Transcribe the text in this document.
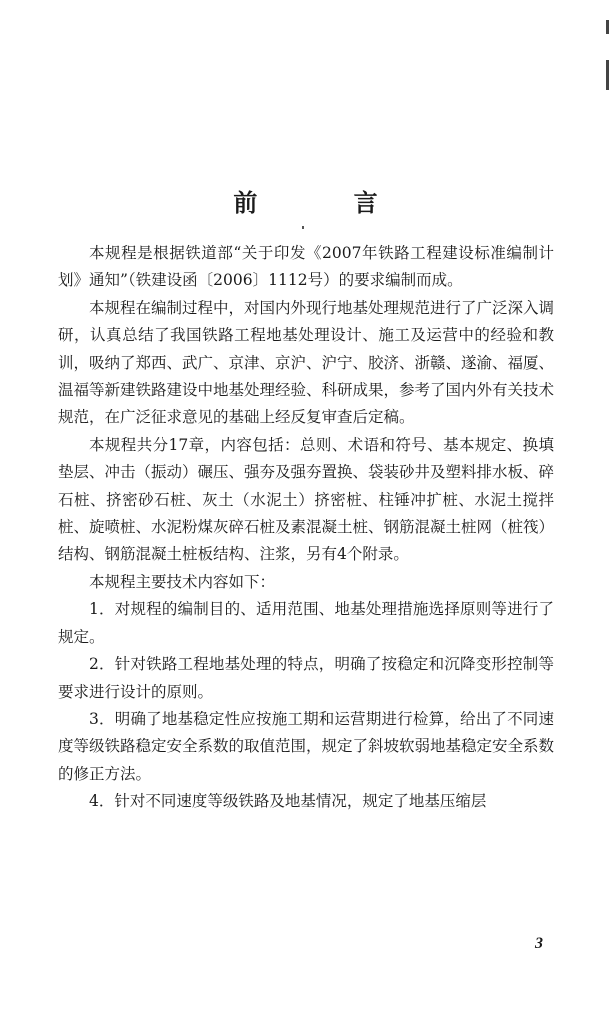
前 言

本规程是根据铁道部“关于印发《2007年铁路工程建设标准编制计划》通知”（铁建设函〔2006〕1112号）的要求编制而成。

本规程在编制过程中，对国内外现行地基处理规范进行了广泛深入调研，认真总结了我国铁路工程地基处理设计、施工及运营中的经验和教训，吸纳了郑西、武广、京津、京沪、沪宁、胶济、浙赣、遂渝、福厦、温福等新建铁路建设中地基处理经验、科研成果，参考了国内外有关技术规范，在广泛征求意见的基础上经反复审查后定稿。

本规程共分17章，内容包括：总则、术语和符号、基本规定、换填垫层、冲击（振动）碾压、强夯及强夯置换、袋装砂井及塑料排水板、碎石桩、挤密砂石桩、灰土（水泥土）挤密桩、柱锤冲扩桩、水泥土搅拌桩、旋喷桩、水泥粉煤灰碎石桩及素混凝土桩、钢筋混凝土桩网（桩筏）结构、钢筋混凝土桩板结构、注浆，另有4个附录。

本规程主要技术内容如下：

1．对规程的编制目的、适用范围、地基处理措施选择原则等进行了规定。

2．针对铁路工程地基处理的特点，明确了按稳定和沉降变形控制等要求进行设计的原则。

3．明确了地基稳定性应按施工期和运营期进行检算，给出了不同速度等级铁路稳定安全系数的取值范围，规定了斜坡软弱地基稳定安全系数的修正方法。

4．针对不同速度等级铁路及地基情况，规定了地基压缩层

3
